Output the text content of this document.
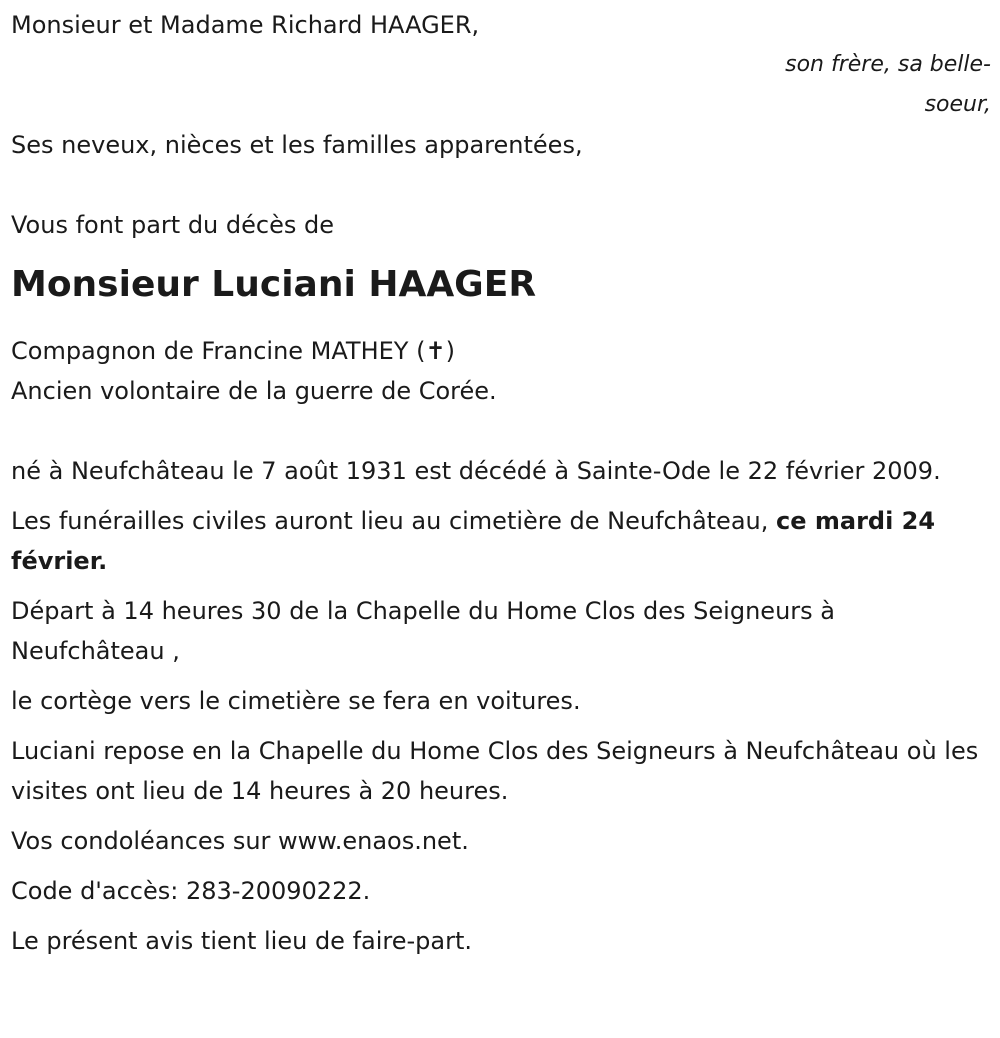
Monsieur et Madame Richard HAAGER,

son frère, sa belle-soeur,

Ses neveux, nièces et les familles apparentées,

Vous font part du décès de

Monsieur Luciani HAAGER

Compagnon de Francine MATHEY (✝)

Ancien volontaire de la guerre de Corée.

né à Neufchâteau le 7 août 1931 est décédé à Sainte-Ode le 22 février 2009.

Les funérailles civiles auront lieu au cimetière de Neufchâteau, ce mardi 24 février.

Départ à 14 heures 30 de la Chapelle du Home Clos des Seigneurs à Neufchâteau ,

le cortège vers le cimetière se fera en voitures.

Luciani repose en la Chapelle du Home Clos des Seigneurs à Neufchâteau où les visites ont lieu de 14 heures à 20 heures.

Vos condoléances sur www.enaos.net.

Code d'accès: 283-20090222.

Le présent avis tient lieu de faire-part.
